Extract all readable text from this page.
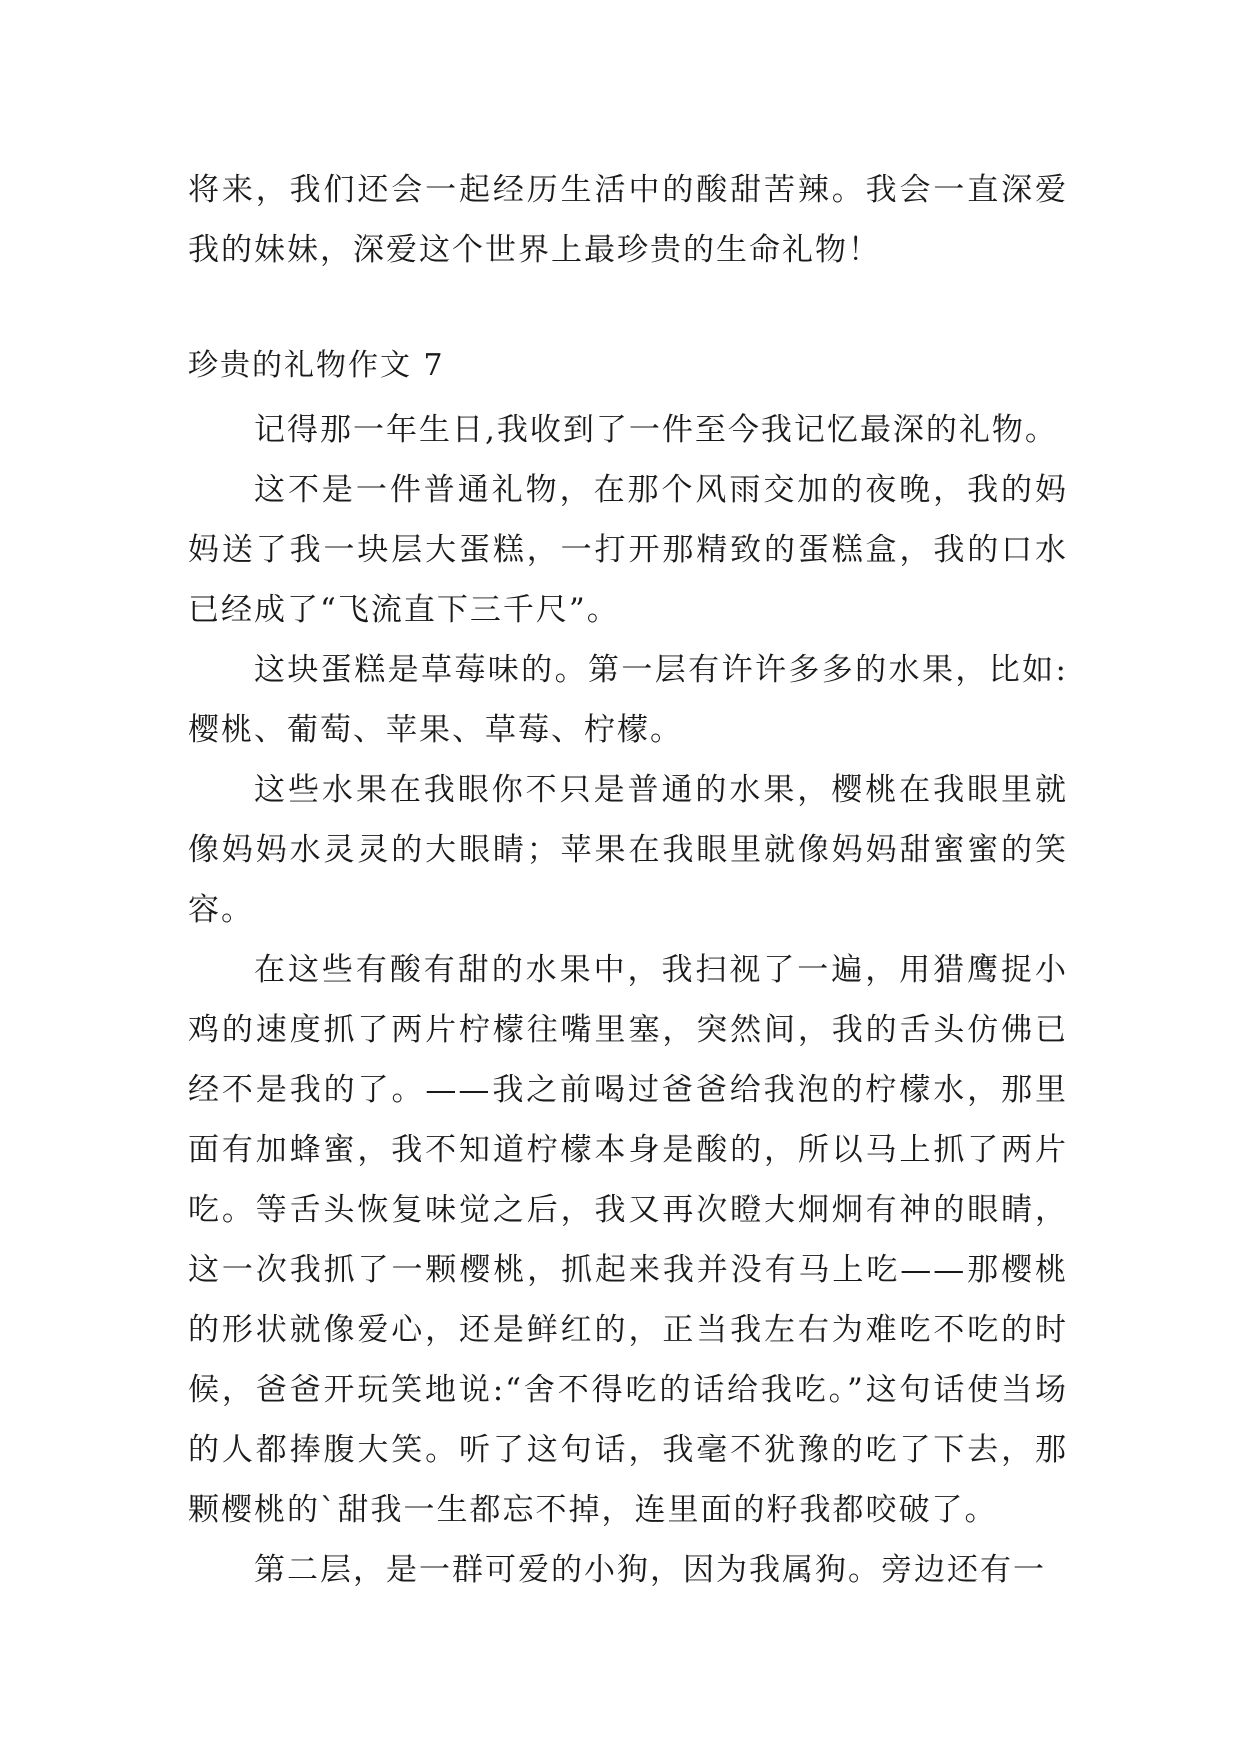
将来，我们还会一起经历生活中的酸甜苦辣。我会一直深爱我的妹妹，深爱这个世界上最珍贵的生命礼物！

珍贵的礼物作文 7

记得那一年生日,我收到了一件至今我记忆最深的礼物。

这不是一件普通礼物，在那个风雨交加的夜晚，我的妈妈送了我一块层大蛋糕，一打开那精致的蛋糕盒，我的口水已经成了“飞流直下三千尺”。

这块蛋糕是草莓味的。第一层有许许多多的水果，比如:樱桃、葡萄、苹果、草莓、柠檬。

这些水果在我眼你不只是普通的水果，樱桃在我眼里就像妈妈水灵灵的大眼睛；苹果在我眼里就像妈妈甜蜜蜜的笑容。

在这些有酸有甜的水果中，我扫视了一遍，用猎鹰捉小鸡的速度抓了两片柠檬往嘴里塞，突然间，我的舌头仿佛已经不是我的了。——我之前喝过爸爸给我泡的柠檬水，那里面有加蜂蜜，我不知道柠檬本身是酸的，所以马上抓了两片吃。等舌头恢复味觉之后，我又再次瞪大炯炯有神的眼睛，这一次我抓了一颗樱桃，抓起来我并没有马上吃——那樱桃的形状就像爱心，还是鲜红的，正当我左右为难吃不吃的时候，爸爸开玩笑地说:“舍不得吃的话给我吃。”这句话使当场的人都捧腹大笑。听了这句话，我毫不犹豫的吃了下去，那颗樱桃的`甜我一生都忘不掉，连里面的籽我都咬破了。

第二层，是一群可爱的小狗，因为我属狗。旁边还有一
